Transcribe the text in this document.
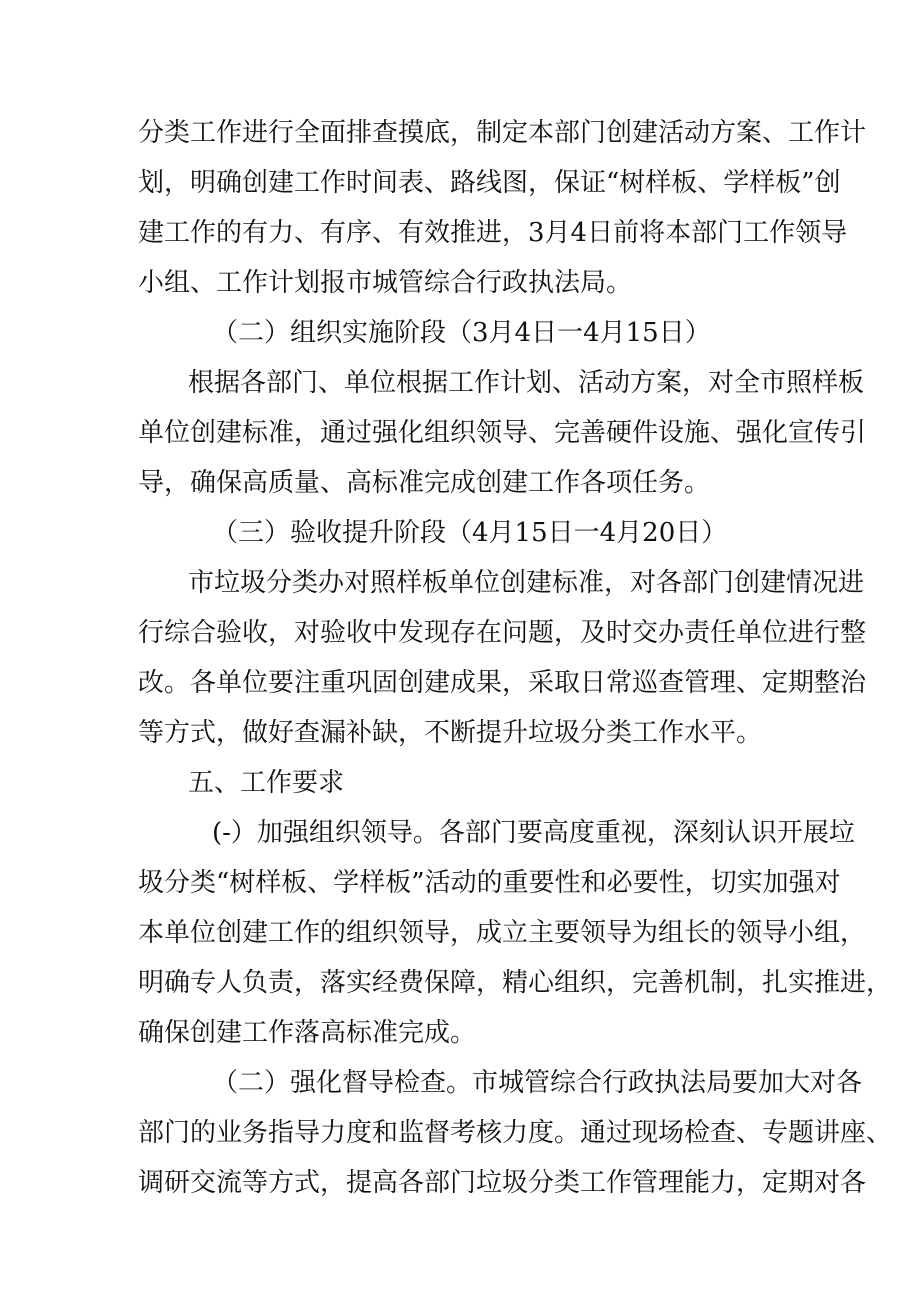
分类工作进行全面排查摸底，制定本部门创建活动方案、工作计

划，明确创建工作时间表、路线图，保证“树样板、学样板”创

建工作的有力、有序、有效推进，3月4日前将本部门工作领导

小组、工作计划报市城管综合行政执法局。

（二）组织实施阶段（3月4日一4月15日）

根据各部门、单位根据工作计划、活动方案，对全市照样板

单位创建标准，通过强化组织领导、完善硬件设施、强化宣传引

导，确保高质量、高标准完成创建工作各项任务。

（三）验收提升阶段（4月15日一4月20日）

市垃圾分类办对照样板单位创建标准，对各部门创建情况进

行综合验收，对验收中发现存在问题，及时交办责任单位进行整

改。各单位要注重巩固创建成果，采取日常巡查管理、定期整治

等方式，做好查漏补缺，不断提升垃圾分类工作水平。

五、工作要求

(-）加强组织领导。各部门要高度重视，深刻认识开展垃

圾分类“树样板、学样板”活动的重要性和必要性，切实加强对

本单位创建工作的组织领导，成立主要领导为组长的领导小组，

明确专人负责，落实经费保障，精心组织，完善机制，扎实推进，

确保创建工作落高标准完成。

（二）强化督导检查。市城管综合行政执法局要加大对各

部门的业务指导力度和监督考核力度。通过现场检查、专题讲座、

调研交流等方式，提高各部门垃圾分类工作管理能力，定期对各
